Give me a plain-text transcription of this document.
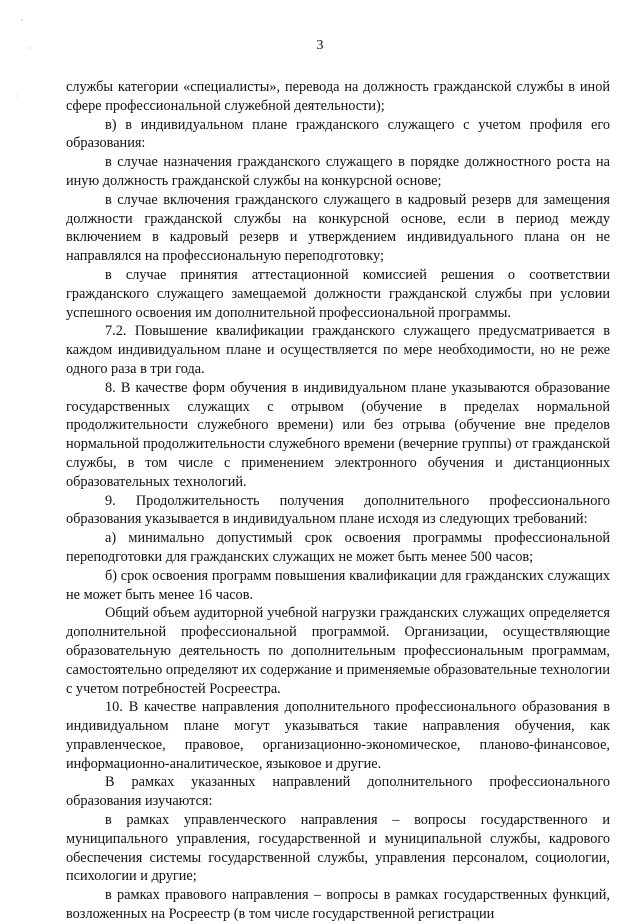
3

службы категории «специалисты», перевода на должность гражданской службы в иной сфере профессиональной служебной деятельности);

в) в индивидуальном плане гражданского служащего с учетом профиля его образования:

в случае назначения гражданского служащего в порядке должностного роста на иную должность гражданской службы на конкурсной основе;

в случае включения гражданского служащего в кадровый резерв для замещения должности гражданской службы на конкурсной основе, если в период между включением в кадровый резерв и утверждением индивидуального плана он не направлялся на профессиональную переподготовку;

в случае принятия аттестационной комиссией решения о соответствии гражданского служащего замещаемой должности гражданской службы при условии успешного освоения им дополнительной профессиональной программы.

7.2. Повышение квалификации гражданского служащего предусматривается в каждом индивидуальном плане и осуществляется по мере необходимости, но не реже одного раза в три года.

8. В качестве форм обучения в индивидуальном плане указываются образование государственных служащих с отрывом (обучение в пределах нормальной продолжительности служебного времени) или без отрыва (обучение вне пределов нормальной продолжительности служебного времени (вечерние группы) от гражданской службы, в том числе с применением электронного обучения и дистанционных образовательных технологий.

9. Продолжительность получения дополнительного профессионального образования указывается в индивидуальном плане исходя из следующих требований:

а) минимально допустимый срок освоения программы профессиональной переподготовки для гражданских служащих не может быть менее 500 часов;

б) срок освоения программ повышения квалификации для гражданских служащих не может быть менее 16 часов.

Общий объем аудиторной учебной нагрузки гражданских служащих определяется дополнительной профессиональной программой. Организации, осуществляющие образовательную деятельность по дополнительным профессиональным программам, самостоятельно определяют их содержание и применяемые образовательные технологии с учетом потребностей Росреестра.

10. В качестве направления дополнительного профессионального образования в индивидуальном плане могут указываться такие направления обучения, как управленческое, правовое, организационно-экономическое, планово-финансовое, информационно-аналитическое, языковое и другие.

В рамках указанных направлений дополнительного профессионального образования изучаются:

в рамках управленческого направления – вопросы государственного и муниципального управления, государственной и муниципальной службы, кадрового обеспечения системы государственной службы, управления персоналом, социологии, психологии и другие;

в рамках правового направления – вопросы в рамках государственных функций, возложенных на Росреестр (в том числе государственной регистрации
